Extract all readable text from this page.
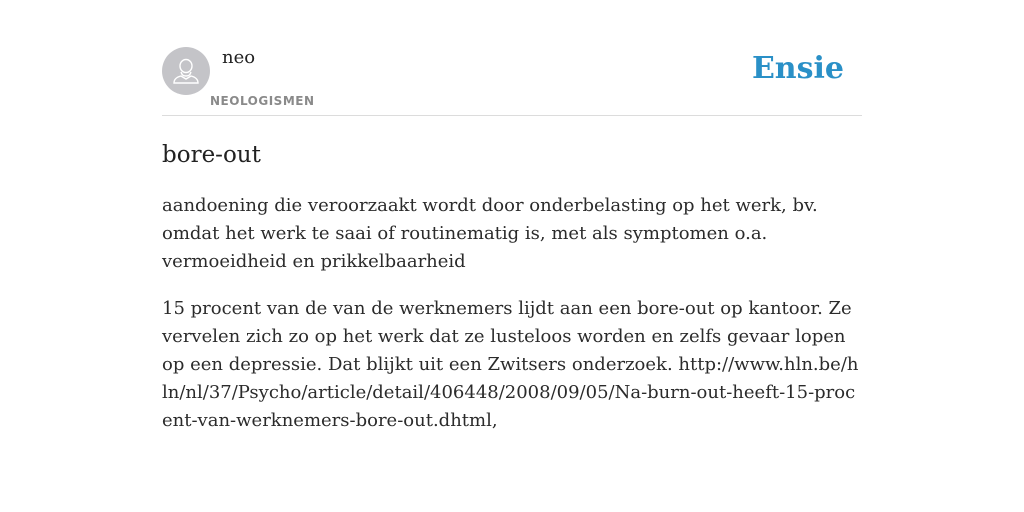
neo
NEOLOGISMEN
Ensie
bore-out

aandoening die veroorzaakt wordt door onderbelasting op het werk, bv. omdat het werk te saai of routinematig is, met als symptomen o.a. vermoeidheid en prikkelbaarheid

15 procent van de van de werknemers lijdt aan een bore-out op kantoor. Ze vervelen zich zo op het werk dat ze lusteloos worden en zelfs gevaar lopen op een depressie. Dat blijkt uit een Zwitsers onderzoek. http://www.hln.be/hln/nl/37/Psycho/article/detail/406448/2008/09/05/Na-burn-out-heeft-15-procent-van-werknemers-bore-out.dhtml,
